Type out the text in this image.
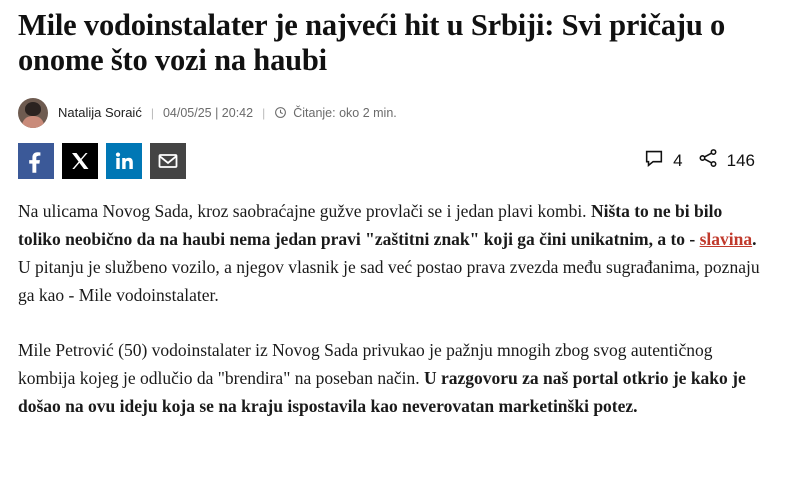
Mile vodoinstalater je najveći hit u Srbiji: Svi pričaju o onome što vozi na haubi
Natalija Soraić | 04/05/25 | 20:42 | Čitanje: oko 2 min.
4	146

Na ulicama Novog Sada, kroz saobraćajne gužve provlači se i jedan plavi kombi. Ništa to ne bi bilo toliko neobično da na haubi nema jedan pravi "zaštitni znak" koji ga čini unikatnim, a to - slavina. U pitanju je službeno vozilo, a njegov vlasnik je sad već postao prava zvezda među sugrađanima, poznaju ga kao - Mile vodoinstalater.

Mile Petrović (50) vodoinstalater iz Novog Sada privukao je pažnju mnogih zbog svog autentičnog kombija kojeg je odlučio da "brendira" na poseban način. U razgovoru za naš portal otkrio je kako je došao na ovu ideju koja se na kraju ispostavila kao neverovatan marketinški potez.
